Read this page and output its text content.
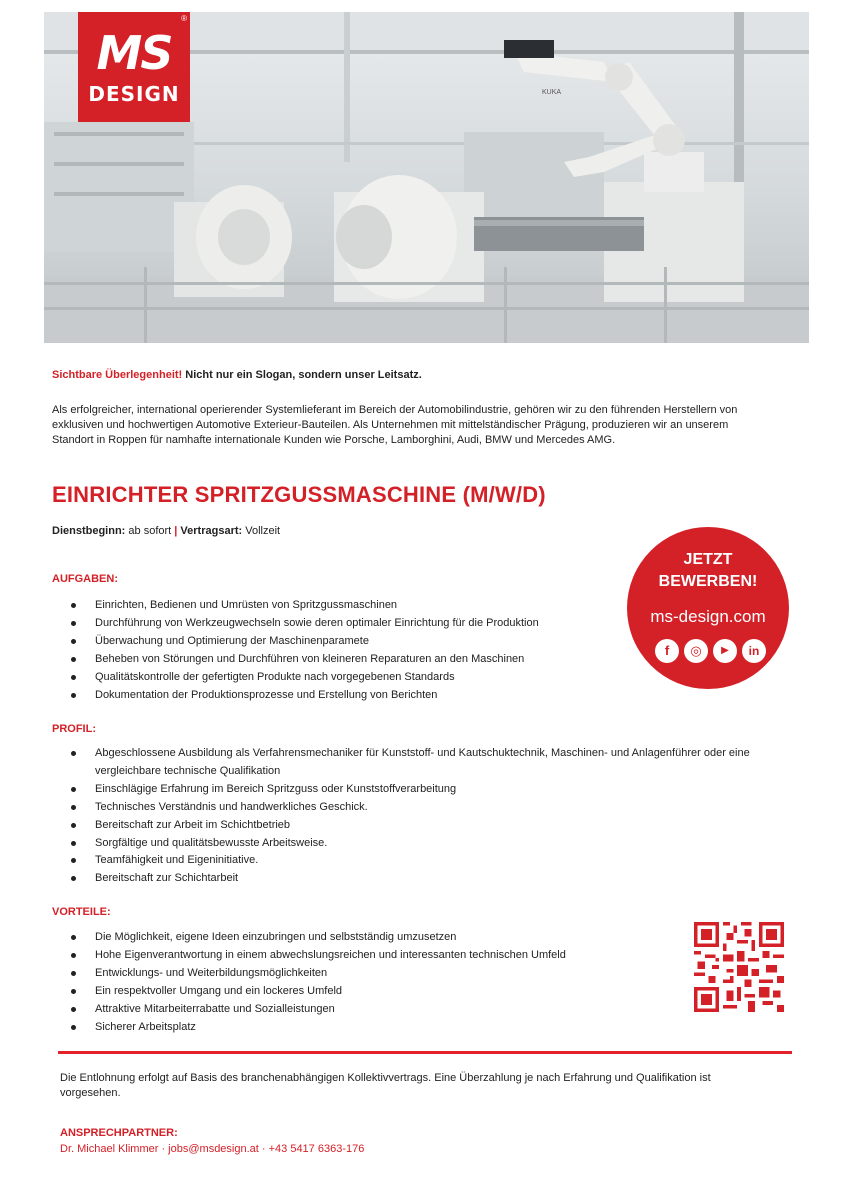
KUKA
MS
DESIGN
®
Sichtbare Überlegenheit! Nicht nur ein Slogan, sondern unser Leitsatz.
Als erfolgreicher, international operierender Systemlieferant im Bereich der Automobilindustrie, gehören wir zu den führenden Herstellern von
exklusiven und hochwertigen Automotive Exterieur-Bauteilen. Als Unternehmen mit mittelständischer Prägung, produzieren wir an unserem
Standort in Roppen für namhafte internationale Kunden wie Porsche, Lamborghini, Audi, BMW und Mercedes AMG.
EINRICHTER SPRITZGUSSMASCHINE (M/W/D)
Dienstbeginn: ab sofort | Vertragsart: Vollzeit
AUFGABEN:
Einrichten, Bedienen und Umrüsten von Spritzgussmaschinen
Durchführung von Werkzeugwechseln sowie deren optimaler Einrichtung für die Produktion
Überwachung und Optimierung der Maschinenparamete
Beheben von Störungen und Durchführen von kleineren Reparaturen an den Maschinen
Qualitätskontrolle der gefertigten Produkte nach vorgegebenen Standards
Dokumentation der Produktionsprozesse und Erstellung von Berichten
PROFIL:
Abgeschlossene Ausbildung als Verfahrensmechaniker für Kunststoff- und Kautschuktechnik, Maschinen- und Anlagenführer oder eine
vergleichbare technische Qualifikation
Einschlägige Erfahrung im Bereich Spritzguss oder Kunststoffverarbeitung
Technisches Verständnis und handwerkliches Geschick.
Bereitschaft zur Arbeit im Schichtbetrieb
Sorgfältige und qualitätsbewusste Arbeitsweise.
Teamfähigkeit und Eigeninitiative.
Bereitschaft zur Schichtarbeit
VORTEILE:
Die Möglichkeit, eigene Ideen einzubringen und selbstständig umzusetzen
Hohe Eigenverantwortung in einem abwechslungsreichen und interessanten technischen Umfeld
Entwicklungs- und Weiterbildungsmöglichkeiten
Ein respektvoller Umgang und ein lockeres Umfeld
Attraktive Mitarbeiterrabatte und Sozialleistungen
Sicherer Arbeitsplatz
JETZT
BEWERBEN!
ms-design.com
f	◎	▶	in
Die Entlohnung erfolgt auf Basis des branchenabhängigen Kollektivvertrags. Eine Überzahlung je nach Erfahrung und Qualifikation ist
vorgesehen.
ANSPRECHPARTNER:
Dr. Michael Klimmer · jobs@msdesign.at · +43 5417 6363-176
